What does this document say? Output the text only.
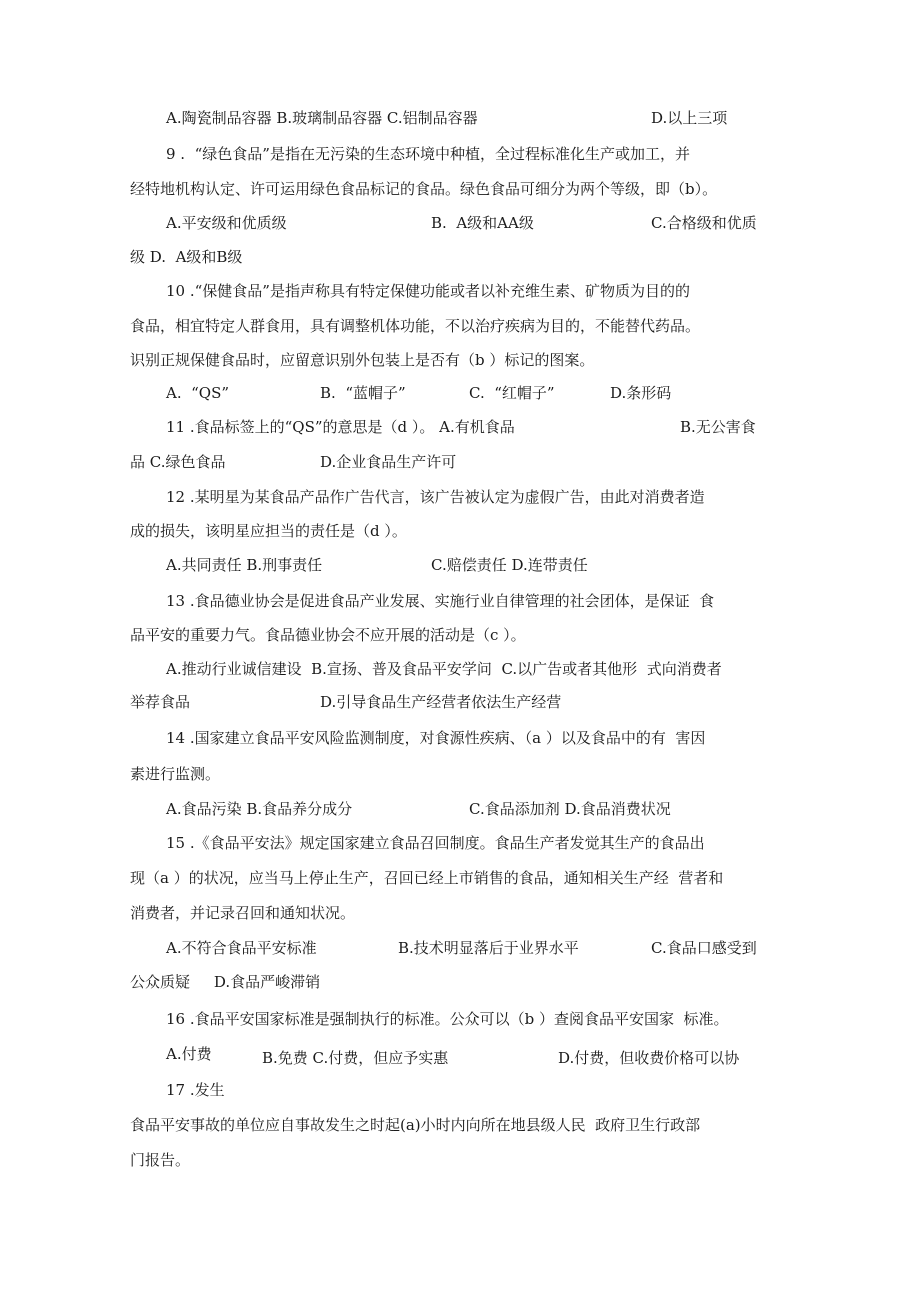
A.陶瓷制品容器 B.玻璃制品容器 C.铝制品容器	D.以上三项
9 .  “绿色食品”是指在无污染的生态环境中种植，全过程标准化生产或加工，并
经特地机构认定、许可运用绿色食品标记的食品。绿色食品可细分为两个等级，即（b）。
A.平安级和优质级	B.  A级和AA级	C.合格级和优质
级 D.  A级和B级
10 .“保健食品”是指声称具有特定保健功能或者以补充维生素、矿物质为目的的
食品，相宜特定人群食用，具有调整机体功能，不以治疗疾病为目的，不能替代药品。
识别正规保健食品时，应留意识别外包装上是否有（b ）标记的图案。
A.  “QS”	B.  “蓝帽子”	C.  “红帽子”	D.条形码
11 .食品标签上的“QS”的意思是（d ）。 A.有机食品	B.无公害食
品 C.绿色食品	D.企业食品生产许可
12 .某明星为某食品产品作广告代言，该广告被认定为虚假广告，由此对消费者造
成的损失，该明星应担当的责任是（d ）。
A.共同责任 B.刑事责任	C.赔偿责任 D.连带责任
13 .食品德业协会是促进食品产业发展、实施行业自律管理的社会团体，是保证  食
品平安的重要力气。食品德业协会不应开展的活动是（c ）。
A.推动行业诚信建设  B.宣扬、普及食品平安学问  C.以广告或者其他形  式向消费者
举荐食品	D.引导食品生产经营者依法生产经营
14 .国家建立食品平安风险监测制度，对食源性疾病、（a ）以及食品中的有  害因
素进行监测。
A.食品污染 B.食品养分成分	C.食品添加剂 D.食品消费状况
15 .《食品平安法》规定国家建立食品召回制度。食品生产者发觉其生产的食品出
现（a ）的状况，应当马上停止生产，召回已经上市销售的食品，通知相关生产经  营者和
消费者，并记录召回和通知状况。
A.不符合食品平安标准	B.技术明显落后于业界水平	C.食品口感受到
公众质疑     D.食品严峻滞销
16 .食品平安国家标准是强制执行的标准。公众可以（b ）查阅食品平安国家  标准。
A.付费	B.免费 C.付费，但应予实惠	D.付费，但收费价格可以协
17 .发生
食品平安事故的单位应自事故发生之时起(a)小时内向所在地县级人民  政府卫生行政部
门报告。
